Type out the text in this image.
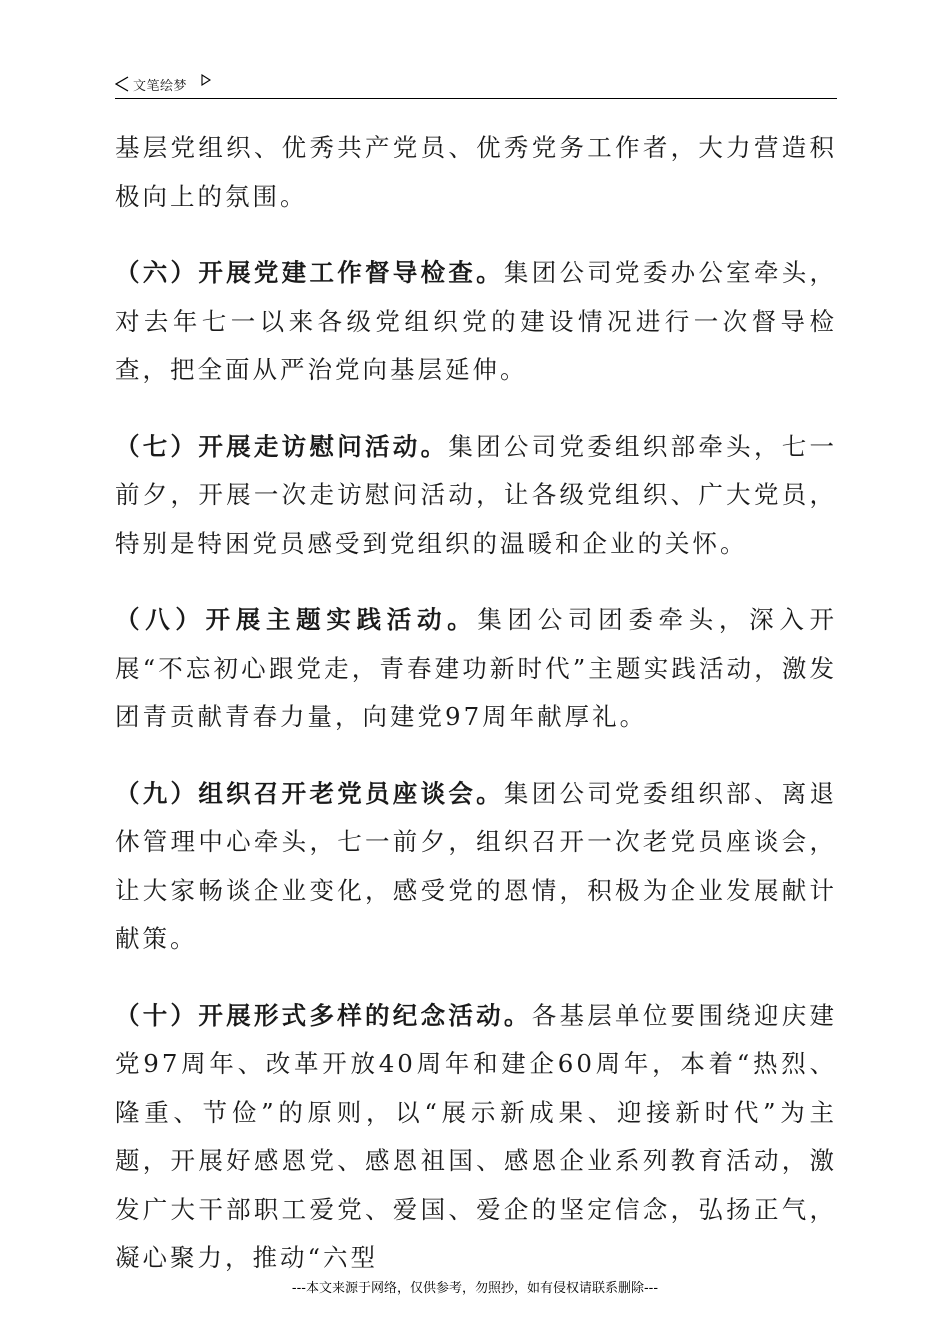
文笔绘梦

基层党组织、优秀共产党员、优秀党务工作者，大力营造积极向上的氛围。

（六）开展党建工作督导检查。集团公司党委办公室牵头，对去年七一以来各级党组织党的建设情况进行一次督导检查，把全面从严治党向基层延伸。

（七）开展走访慰问活动。集团公司党委组织部牵头，七一前夕，开展一次走访慰问活动，让各级党组织、广大党员，特别是特困党员感受到党组织的温暖和企业的关怀。

（八）开展主题实践活动。集团公司团委牵头，深入开展“不忘初心跟党走，青春建功新时代”主题实践活动，激发团青贡献青春力量，向建党97周年献厚礼。

（九）组织召开老党员座谈会。集团公司党委组织部、离退休管理中心牵头，七一前夕，组织召开一次老党员座谈会，让大家畅谈企业变化，感受党的恩情，积极为企业发展献计献策。

（十）开展形式多样的纪念活动。各基层单位要围绕迎庆建党97周年、改革开放40周年和建企60周年，本着“热烈、隆重、节俭”的原则，以“展示新成果、迎接新时代”为主题，开展好感恩党、感恩祖国、感恩企业系列教育活动，激发广大干部职工爱党、爱国、爱企的坚定信念，弘扬正气，凝心聚力，推动“六型

---本文来源于网络，仅供参考，勿照抄，如有侵权请联系删除---
